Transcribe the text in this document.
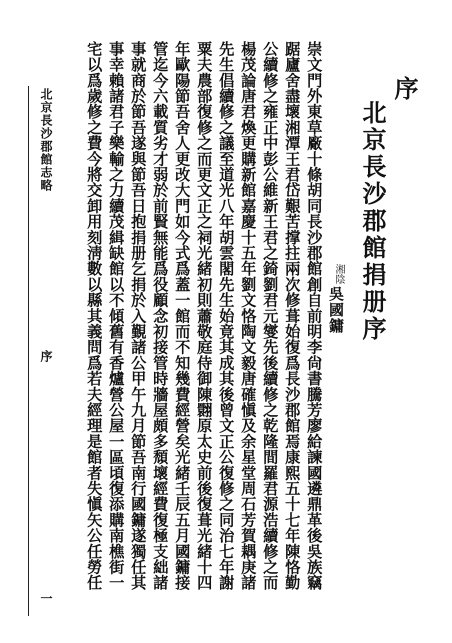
序
北京長沙郡館捐册序
湘陰
吳國鏞
崇文門外東草廠十條胡同長沙郡館創自前明李尙書騰芳廖給諫國遴鼎革後吳族竊
踞廬舍盡壞湘潭王君岱艱苦撑拄兩次修葺始復爲長沙郡館焉康熙五十七年陳恪勤
公續修之雍正中彭公維新王君之錡劉君元燮先後續修之乾隆間羅君源浩續修之而
楊茂論唐君煥更購新館嘉慶十五年劉文恪陶文毅唐確愼及余星堂周石芳賀耦庚諸
先生倡續修之議至道光八年胡雲閣先生始竟其成其後曾文正公復修之同治七年謝
粟夫農部復修之而更文正之祠光緒初則蕭敬庭侍御陳翾原太史前後復葺光緒十四
年歐陽節吾舍人更改大門如今式爲蓋一館而不知幾費經營矣光緒壬辰五月國鏞接
管迄今六載質劣才弱於前賢無能爲役顧念初接管時牆屋頗多頹壞經費復極支絀諸
事就商於節吾遂與節吾日抱捐册乞捐於入覲諸公甲午九月節吾南行國鏞遂獨任其
事幸賴諸君子樂輸之力續茂緝缺館以不傾舊有香爐營公屋一區頃復添購南樵街一
宅以爲歲修之費今將交卸用刻淸數以縣其義問爲若夫經理是館者失愼矢公任勞任
北京長沙郡館志略
序
一
